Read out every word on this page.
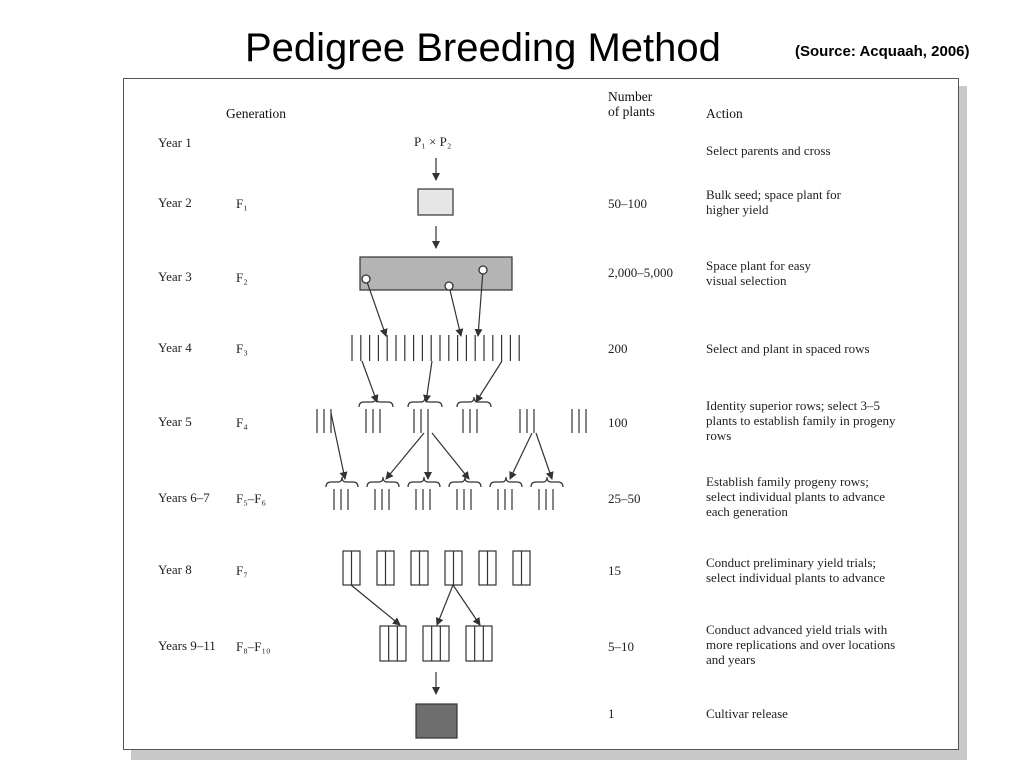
Pedigree Breeding Method	(Source: Acquaah, 2006)
Generation
Number
of plants	Action
P₁ × P₂
Year 1
Year 2
Year 3
Year 4
Year 5
Years 6–7
Year 8
Years 9–11
F₁
F₂
F₃
F₄
F₅–F₆
F₇
F₈–F₁₀
50–100
2,000–5,000
200
100
25–50
15
5–10
1
Select parents and cross
Bulk seed; space plant for
higher yield
Space plant for easy
visual selection
Select and plant in spaced rows
Identity superior rows; select 3–5
plants to establish family in progeny
rows
Establish family progeny rows;
select individual plants to advance
each generation
Conduct preliminary yield trials;
select individual plants to advance
Conduct advanced yield trials with
more replications and over locations
and years
Cultivar release
